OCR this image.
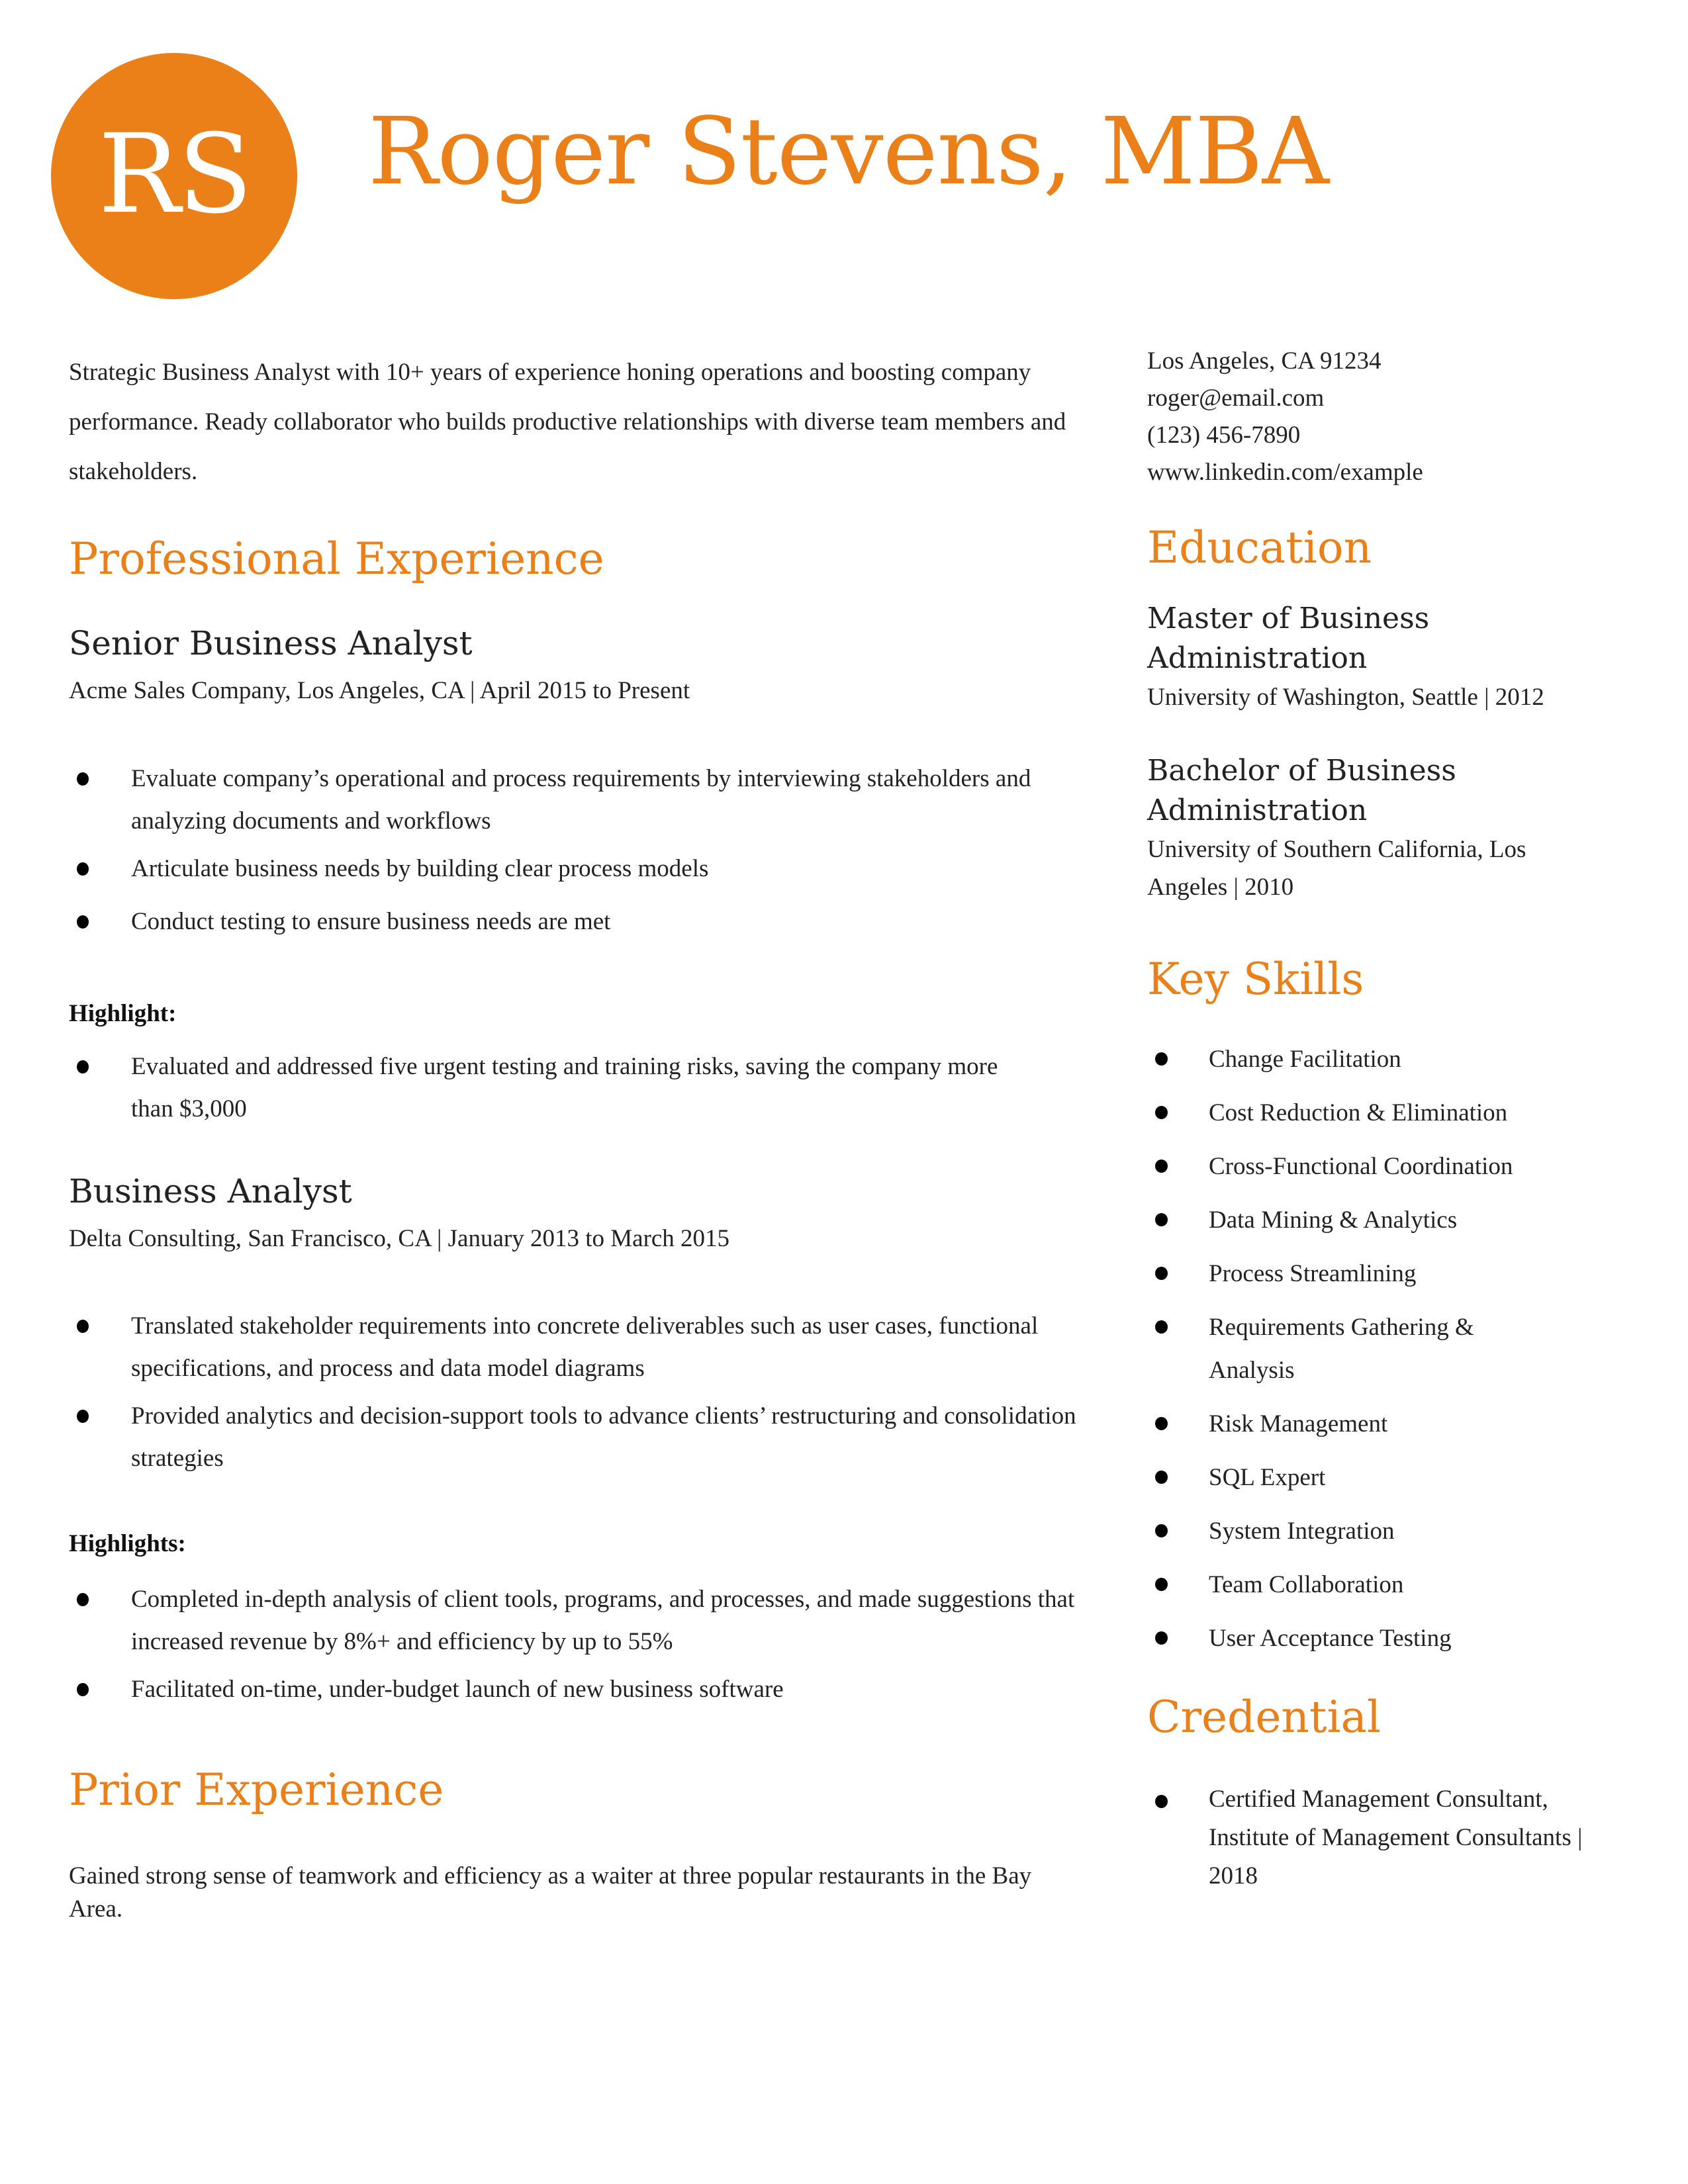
RS Roger Stevens, MBA
Strategic Business Analyst with 10+ years of experience honing operations and boosting company performance. Ready collaborator who builds productive relationships with diverse team members and stakeholders.
Professional Experience
Senior Business Analyst
Acme Sales Company, Los Angeles, CA | April 2015 to Present
Evaluate company’s operational and process requirements by interviewing stakeholders and analyzing documents and workflows
Articulate business needs by building clear process models
Conduct testing to ensure business needs are met
Highlight:
Evaluated and addressed five urgent testing and training risks, saving the company more than $3,000
Business Analyst
Delta Consulting, San Francisco, CA | January 2013 to March 2015
Translated stakeholder requirements into concrete deliverables such as user cases, functional specifications, and process and data model diagrams
Provided analytics and decision-support tools to advance clients’ restructuring and consolidation strategies
Highlights:
Completed in-depth analysis of client tools, programs, and processes, and made suggestions that increased revenue by 8%+ and efficiency by up to 55%
Facilitated on-time, under-budget launch of new business software
Prior Experience
Gained strong sense of teamwork and efficiency as a waiter at three popular restaurants in the Bay Area.
Los Angeles, CA 91234
roger@email.com
(123) 456-7890
www.linkedin.com/example
Education
Master of Business Administration
University of Washington, Seattle | 2012
Bachelor of Business Administration
University of Southern California, Los Angeles | 2010
Key Skills
Change Facilitation
Cost Reduction & Elimination
Cross-Functional Coordination
Data Mining & Analytics
Process Streamlining
Requirements Gathering & Analysis
Risk Management
SQL Expert
System Integration
Team Collaboration
User Acceptance Testing
Credential
Certified Management Consultant, Institute of Management Consultants | 2018
